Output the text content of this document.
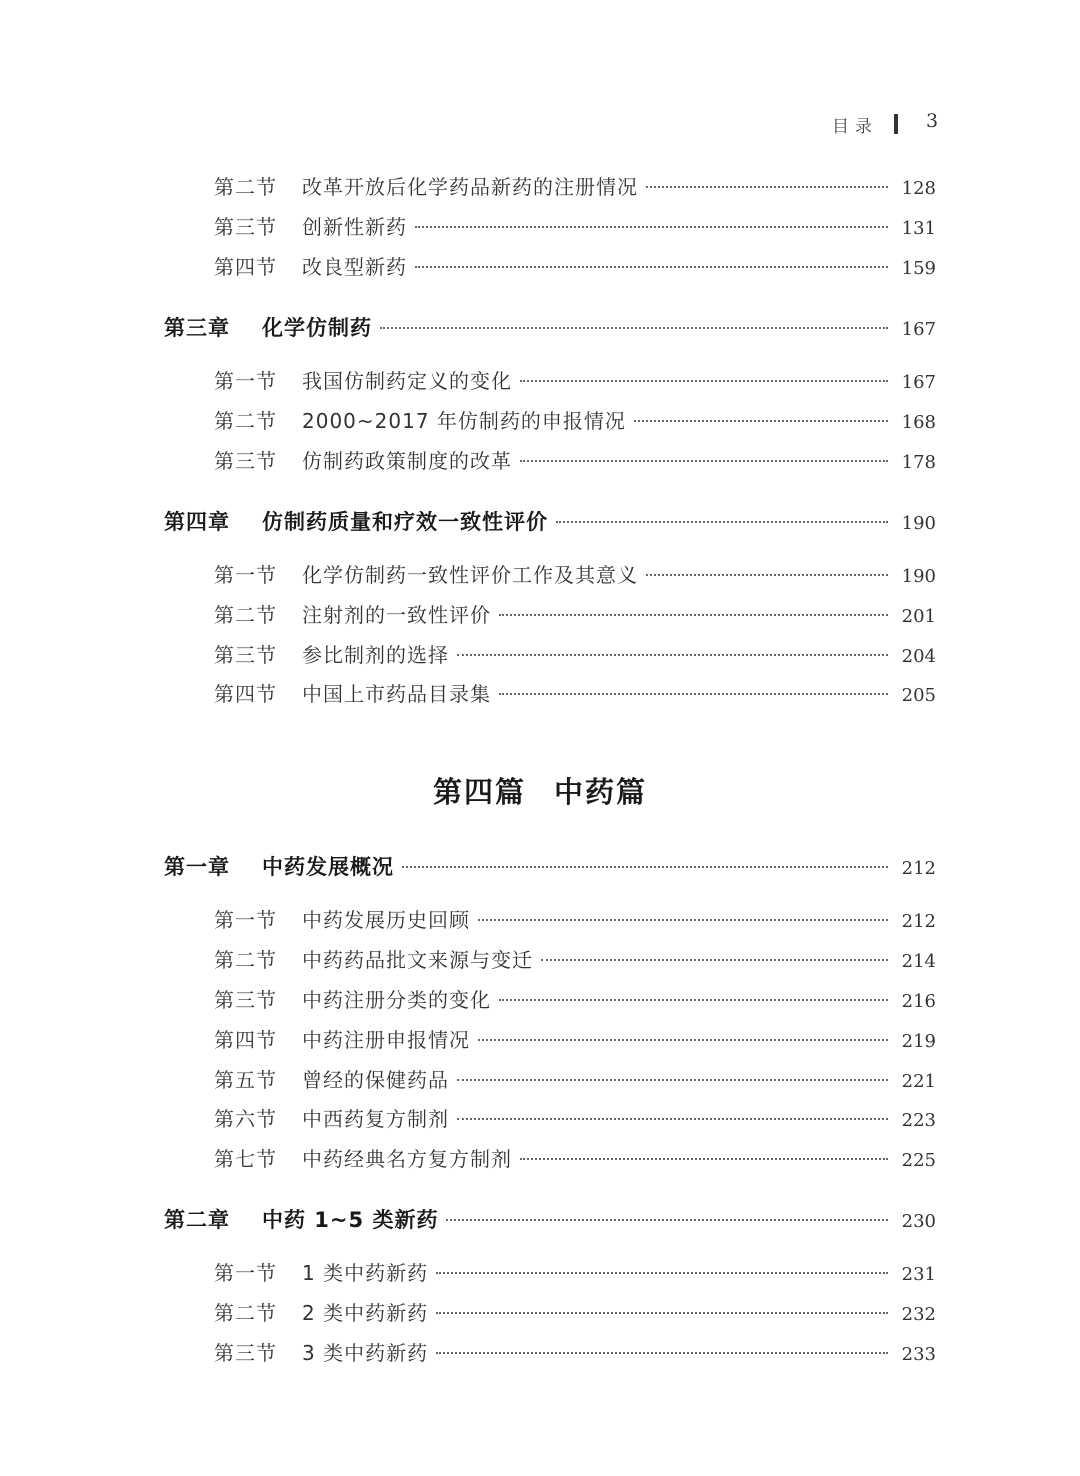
目录	3
第二节	改革开放后化学药品新药的注册情况	128
第三节	创新性新药	131
第四节	改良型新药	159
第三章	化学仿制药	167
第一节	我国仿制药定义的变化	167
第二节	2000~2017 年仿制药的申报情况	168
第三节	仿制药政策制度的改革	178
第四章	仿制药质量和疗效一致性评价	190
第一节	化学仿制药一致性评价工作及其意义	190
第二节	注射剂的一致性评价	201
第三节	参比制剂的选择	204
第四节	中国上市药品目录集	205
第四篇 中药篇
第一章	中药发展概况	212
第一节	中药发展历史回顾	212
第二节	中药药品批文来源与变迁	214
第三节	中药注册分类的变化	216
第四节	中药注册申报情况	219
第五节	曾经的保健药品	221
第六节	中西药复方制剂	223
第七节	中药经典名方复方制剂	225
第二章	中药 1~5 类新药	230
第一节	1 类中药新药	231
第二节	2 类中药新药	232
第三节	3 类中药新药	233
